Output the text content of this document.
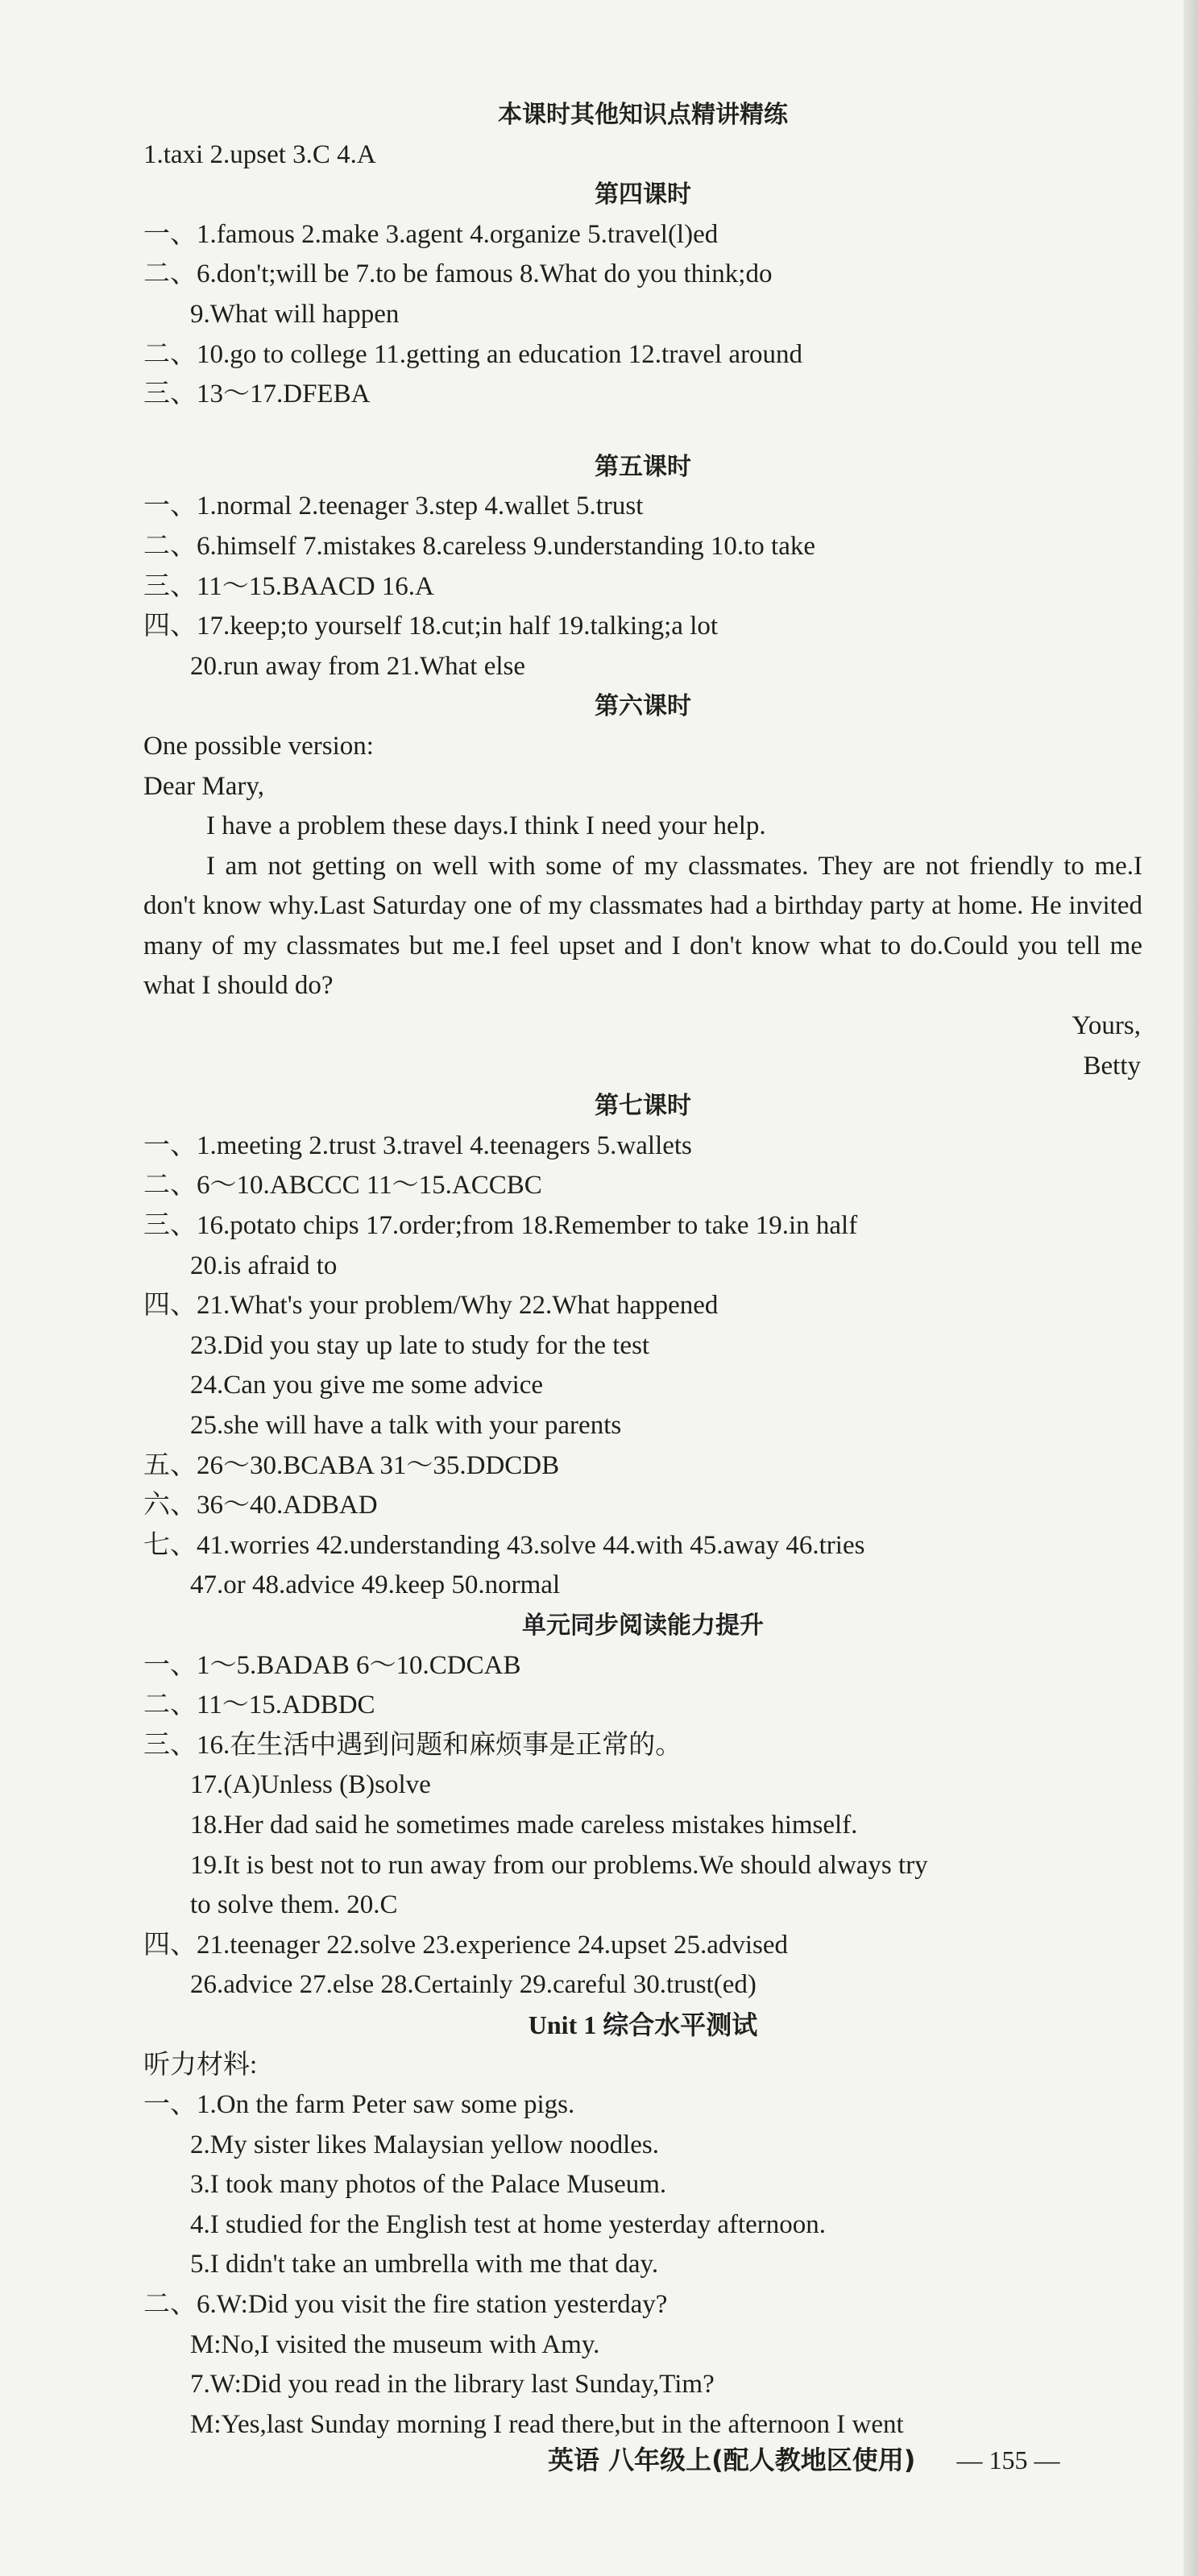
本课时其他知识点精讲精练
1.taxi 2.upset 3.C 4.A
第四课时
一、1.famous 2.make 3.agent 4.organize 5.travel(l)ed
二、6.don't;will be 7.to be famous 8.What do you think;do
9.What will happen
二、10.go to college 11.getting an education 12.travel around
三、13～17.DFEBA
第五课时
一、1.normal 2.teenager 3.step 4.wallet 5.trust
二、6.himself 7.mistakes 8.careless 9.understanding 10.to take
三、11～15.BAACD 16.A
四、17.keep;to yourself 18.cut;in half 19.talking;a lot
20.run away from 21.What else
第六课时
One possible version:
Dear Mary,
I have a problem these days.I think I need your help.
I am not getting on well with some of my classmates. They are not friendly to me.I don't know why.Last Saturday one of my classmates had a birthday party at home. He invited many of my classmates but me.I feel upset and I don't know what to do.Could you tell me what I should do?
Yours,
Betty
第七课时
一、1.meeting 2.trust 3.travel 4.teenagers 5.wallets
二、6～10.ABCCC 11～15.ACCBC
三、16.potato chips 17.order;from 18.Remember to take 19.in half
20.is afraid to
四、21.What's your problem/Why 22.What happened
23.Did you stay up late to study for the test
24.Can you give me some advice
25.she will have a talk with your parents
五、26～30.BCABA 31～35.DDCDB
六、36～40.ADBAD
七、41.worries 42.understanding 43.solve 44.with 45.away 46.tries
47.or 48.advice 49.keep 50.normal
单元同步阅读能力提升
一、1～5.BADAB 6～10.CDCAB
二、11～15.ADBDC
三、16.在生活中遇到问题和麻烦事是正常的。
17.(A)Unless (B)solve
18.Her dad said he sometimes made careless mistakes himself.
19.It is best not to run away from our problems.We should always try
to solve them. 20.C
四、21.teenager 22.solve 23.experience 24.upset 25.advised
26.advice 27.else 28.Certainly 29.careful 30.trust(ed)
Unit 1 综合水平测试
听力材料:
一、1.On the farm Peter saw some pigs.
2.My sister likes Malaysian yellow noodles.
3.I took many photos of the Palace Museum.
4.I studied for the English test at home yesterday afternoon.
5.I didn't take an umbrella with me that day.
二、6.W:Did you visit the fire station yesterday?
M:No,I visited the museum with Amy.
7.W:Did you read in the library last Sunday,Tim?
M:Yes,last Sunday morning I read there,but in the afternoon I went
英语 八年级上(配人教地区使用) — 155 —
